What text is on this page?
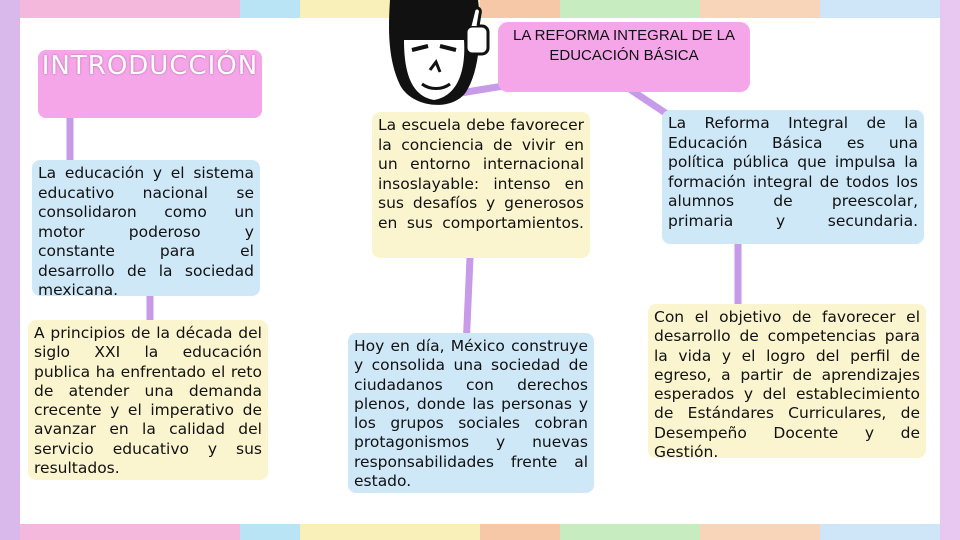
INTRODUCCIÓN
LA REFORMA INTEGRAL DE LA EDUCACIÓN BÁSICA
La educación y el sistema educativo nacional se consolidaron como un motor poderoso y constante para el desarrollo de la sociedad mexicana.
A principios de la década del siglo XXI la educación publica ha enfrentado el reto de atender una demanda crecente y el imperativo de avanzar en la calidad del servicio educativo y sus resultados.
La escuela debe favorecer la conciencia de vivir en un entorno internacional insoslayable: intenso en sus desafíos y generosos en sus comportamientos.
Hoy en día, México construye y consolida una sociedad de ciudadanos con derechos plenos, donde las personas y los grupos sociales cobran protagonismos y nuevas responsabilidades frente al estado.
La Reforma Integral de la Educación Básica es una política pública que impulsa la formación integral de todos los alumnos de preescolar, primaria y secundaria.
Con el objetivo de favorecer el desarrollo de competencias para la vida y el logro del perfil de egreso, a partir de aprendizajes esperados y del establecimiento de Estándares Curriculares, de Desempeño Docente y de Gestión.
